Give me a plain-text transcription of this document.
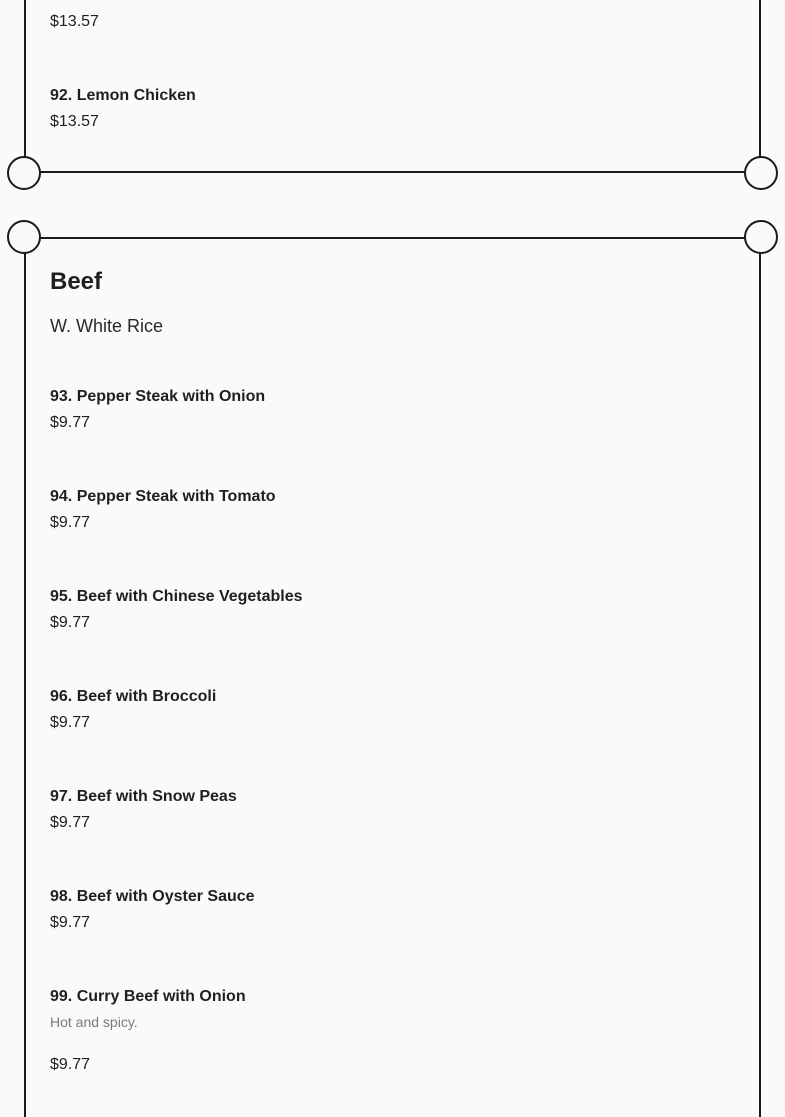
$13.57
92. Lemon Chicken
$13.57
Beef
W. White Rice
93. Pepper Steak with Onion
$9.77
94. Pepper Steak with Tomato
$9.77
95. Beef with Chinese Vegetables
$9.77
96. Beef with Broccoli
$9.77
97. Beef with Snow Peas
$9.77
98. Beef with Oyster Sauce
$9.77
99. Curry Beef with Onion
Hot and spicy.
$9.77
